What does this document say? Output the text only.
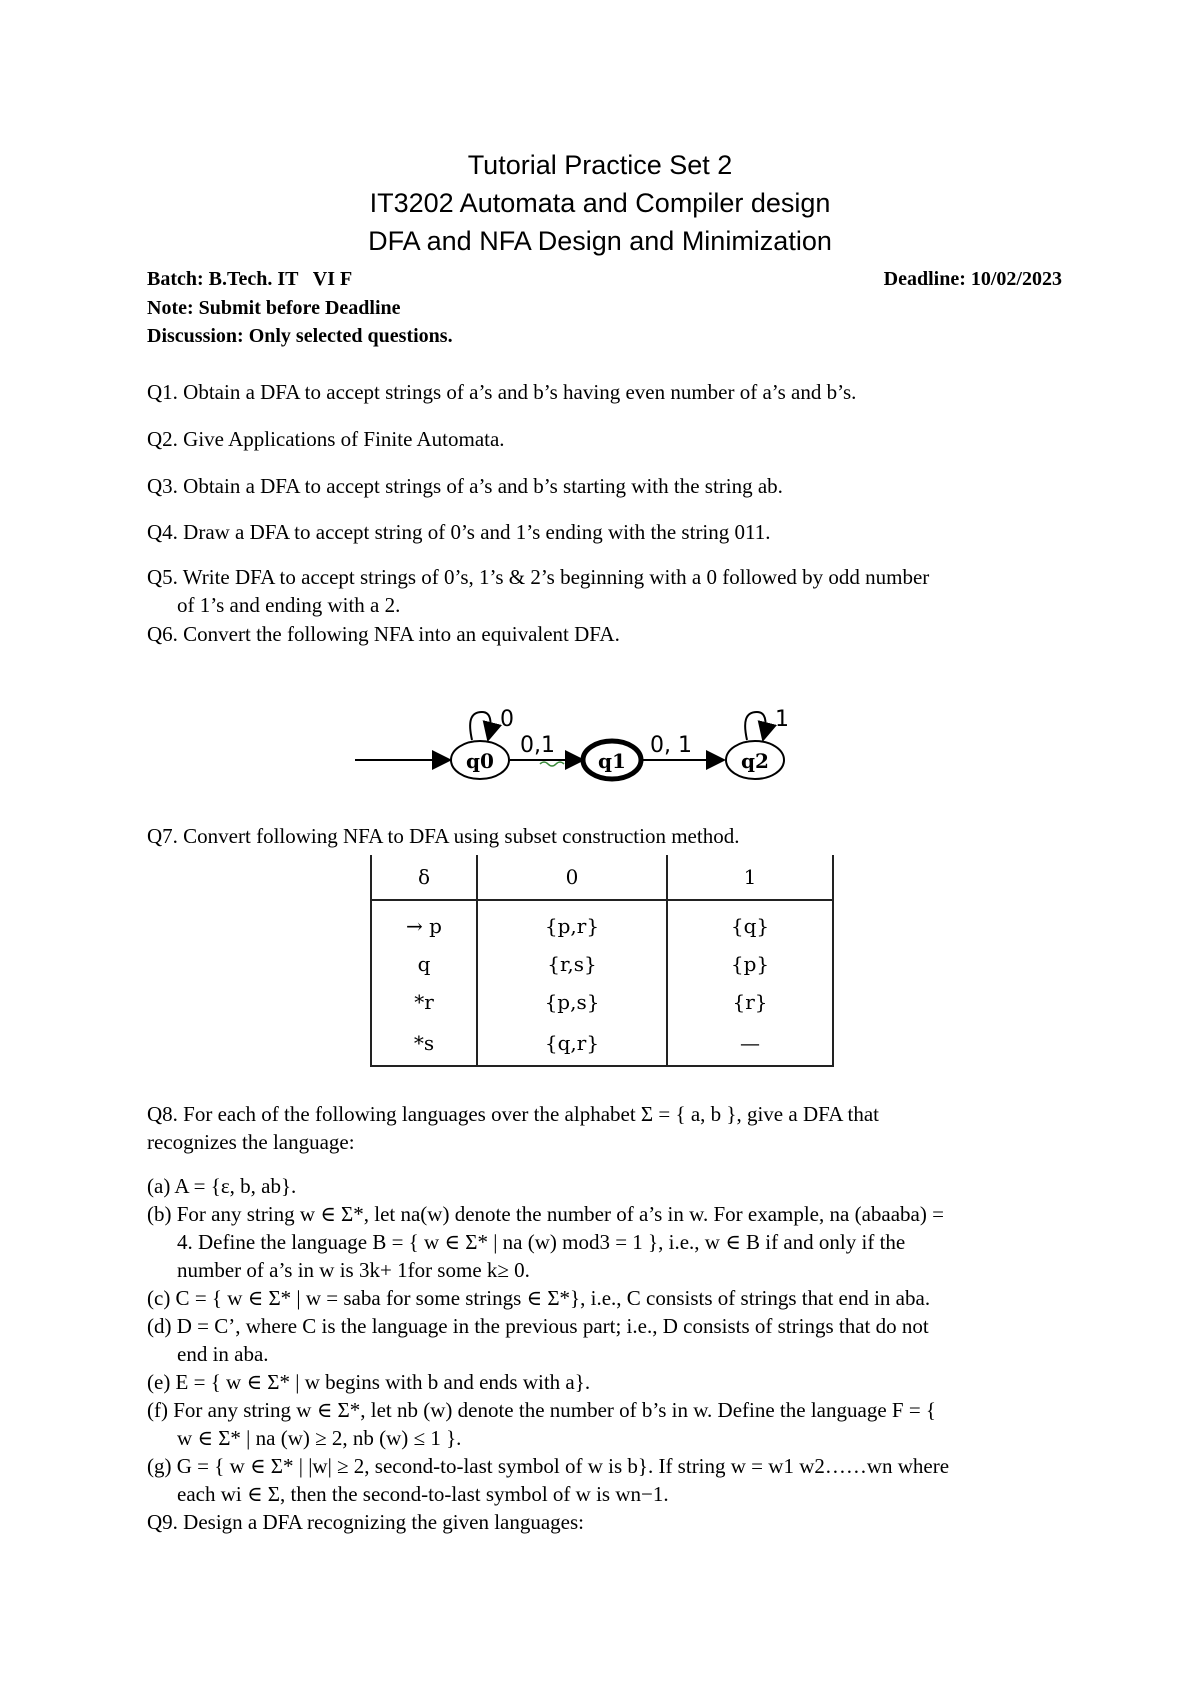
Tutorial Practice Set 2
IT3202 Automata and Compiler design
DFA and NFA Design and Minimization
Batch: B.Tech. IT   VI F	Deadline: 10/02/2023
Note: Submit before Deadline
Discussion: Only selected questions.
Q1. Obtain a DFA to accept strings of a’s and b’s having even number of a’s and b’s.
Q2. Give Applications of Finite Automata.
Q3. Obtain a DFA to accept strings of a’s and b’s starting with the string ab.
Q4. Draw a DFA to accept string of 0’s and 1’s ending with the string 011.
Q5. Write DFA to accept strings of 0’s, 1’s & 2’s beginning with a 0 followed by odd number
of 1’s and ending with a 2.
Q6. Convert the following NFA into an equivalent DFA.
q0
0
0,1
q1
0, 1
q2
1
Q7. Convert following NFA to DFA using subset construction method.
δ	0	1
→ p	{p,r}	{q}
q	{r,s}	{p}
*r	{p,s}	{r}
*s	{q,r}	—
Q8. For each of the following languages over the alphabet Σ = { a, b }, give a DFA that
recognizes the language:
(a) A = {ε, b, ab}.
(b) For any string w ∈ Σ*, let na(w) denote the number of a’s in w. For example, na (abaaba) =
4. Define the language B = { w ∈ Σ* | na (w) mod3 = 1 }, i.e., w ∈ B if and only if the
number of a’s in w is 3k+ 1for some k≥ 0.
(c) C = { w ∈ Σ* | w = saba for some strings ∈ Σ*}, i.e., C consists of strings that end in aba.
(d) D = C’, where C is the language in the previous part; i.e., D consists of strings that do not
end in aba.
(e) E = { w ∈ Σ* | w begins with b and ends with a}.
(f) For any string w ∈ Σ*, let nb (w) denote the number of b’s in w. Define the language F = {
w ∈ Σ* | na (w) ≥ 2, nb (w) ≤ 1 }.
(g) G = { w ∈ Σ* | |w| ≥ 2, second-to-last symbol of w is b}. If string w = w1 w2……wn where
each wi ∈ Σ, then the second-to-last symbol of w is wn−1.
Q9. Design a DFA recognizing the given languages:
